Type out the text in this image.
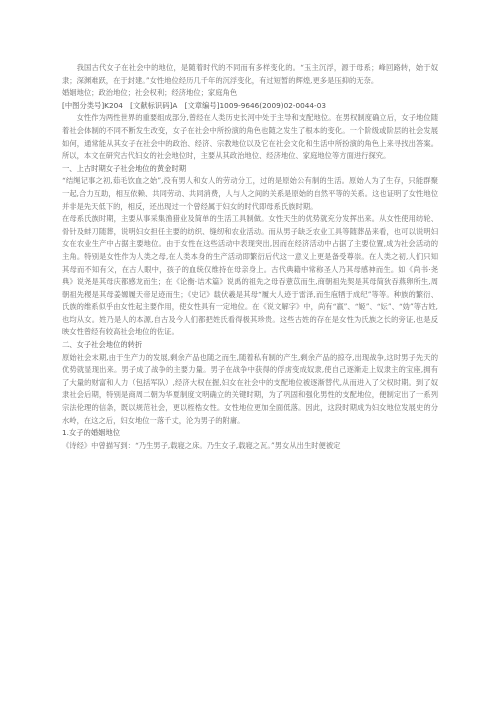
我国古代女子在社会中的地位，是随着时代的不同而有多样变化的。“玉主沉浮，源于母系；峰回路转，始于奴隶；深渊难跃，在于封建。”女性地位经历几千年的沉浮变化，有过短暂的辉煌,更多是压抑的无奈。

婚姻地位；政治地位；社会权利；经济地位；家庭角色

[中图分类号]K204　[文献标识码]A　[文章编号]1009-9646(2009)02-0044-03

女性作为两性世界的重要组成部分,曾经在人类历史长河中处于主导和支配地位。在男权制度确立后，女子地位随着社会体制的不同不断发生改变，女子在社会中所扮演的角色也随之发生了根本的变化。一个阶级或阶层的社会发展如何，通常能从其女子在社会中的政治、经济、宗教地位以及它在社会文化和生活中所扮演的角色上来寻找出答案。所以，本文在研究古代妇女的社会地位时，主要从其政治地位、经济地位、家庭地位等方面进行探究。

一、上古时期女子社会地位的黄金时期

“结绳记事之初,茹毛饮血之始”,没有男人和女人的劳动分工，过的是原始公有制的生活。原始人为了生存，只能群聚一起,合力互助，相互依赖、共同劳动、共同消费，人与人之间的关系是原始的自然平等的关系。这也证明了女性地位并非是先天低下的，相反，还出现过一个曾经属于妇女的时代即母系氏族时期。

在母系氏族时期，主要从事采集渔猎业及简单的生活工具制做。女性天生的优势就充分发挥出来。从女性使用纺轮、骨针及蚌刀随葬，说明妇女担任主要的纺织、缝纫和农业活动。而从男子缺乏农业工具等随葬品来看，也可以说明妇女在农业生产中占据主要地位。由于女性在这些活动中表现突出,因而在经济活动中占据了主要位置,成为社会活动的主角。特别是女性作为人类之母,在人类本身的生产活动即繁衍后代这一意义上更是备受尊崇。在人类之初,人们只知其母而不知有父，在古人眼中，孩子的血统仅维持在母亲身上。古代典籍中常称圣人乃其母感神而生。如《尚书·尧典》说尧是其母庆都感龙而生；在《论衡·诘术篇》说禹的祖先之母吞薏苡而生,商朝祖先契是其母简狄吞燕卵所生,周朝祖先稷是其母姜嫄履天帝足迹而生；《史记》载伏羲是其母“履大人迹于雷泽,而生庖牺于成纪”等等。种族的繁衍、氏族的维系似乎由女性起主要作用，使女性具有一定地位。在《说文解字》中，尚有“嬴”、“姬”、“妘”、“妫”等古姓,也均从女。姓乃是人的本源,自古及今人们都把姓氏看得极其珍贵。这些古姓的存在是女性为氏族之长的旁证,也是反映女性曾经有较高社会地位的佐证。

二、女子社会地位的转折

原始社会末期,由于生产力的发展,剩余产品也随之而生,随着私有制的产生,剩余产品的掠夺,出现战争,这时男子先天的优势就显现出来。男子成了战争的主要力量。男子在战争中获得的俘虏变成奴隶,使自己逐渐走上奴隶主的宝座,拥有了大量的财富和人力（包括军队）,经济大权在握,妇女在社会中的支配地位被逐渐替代,从而进入了父权时期。到了奴隶社会后期，特别是商周二朝为华夏制度文明确立的关键时期，为了巩固和强化男性的支配地位，便制定出了一系列宗法伦理的信条，既以规范社会，更以桎梏女性。女性地位更加全面低落。因此，这段时期成为妇女地位发展史的分水岭，在这之后，妇女地位一落千丈，沦为男子的附庸。

1.女子的婚姻地位

《诗经》中曾描写到：“乃生男子,载寝之床。乃生女子,载寝之瓦。”男女从出生时便被定
